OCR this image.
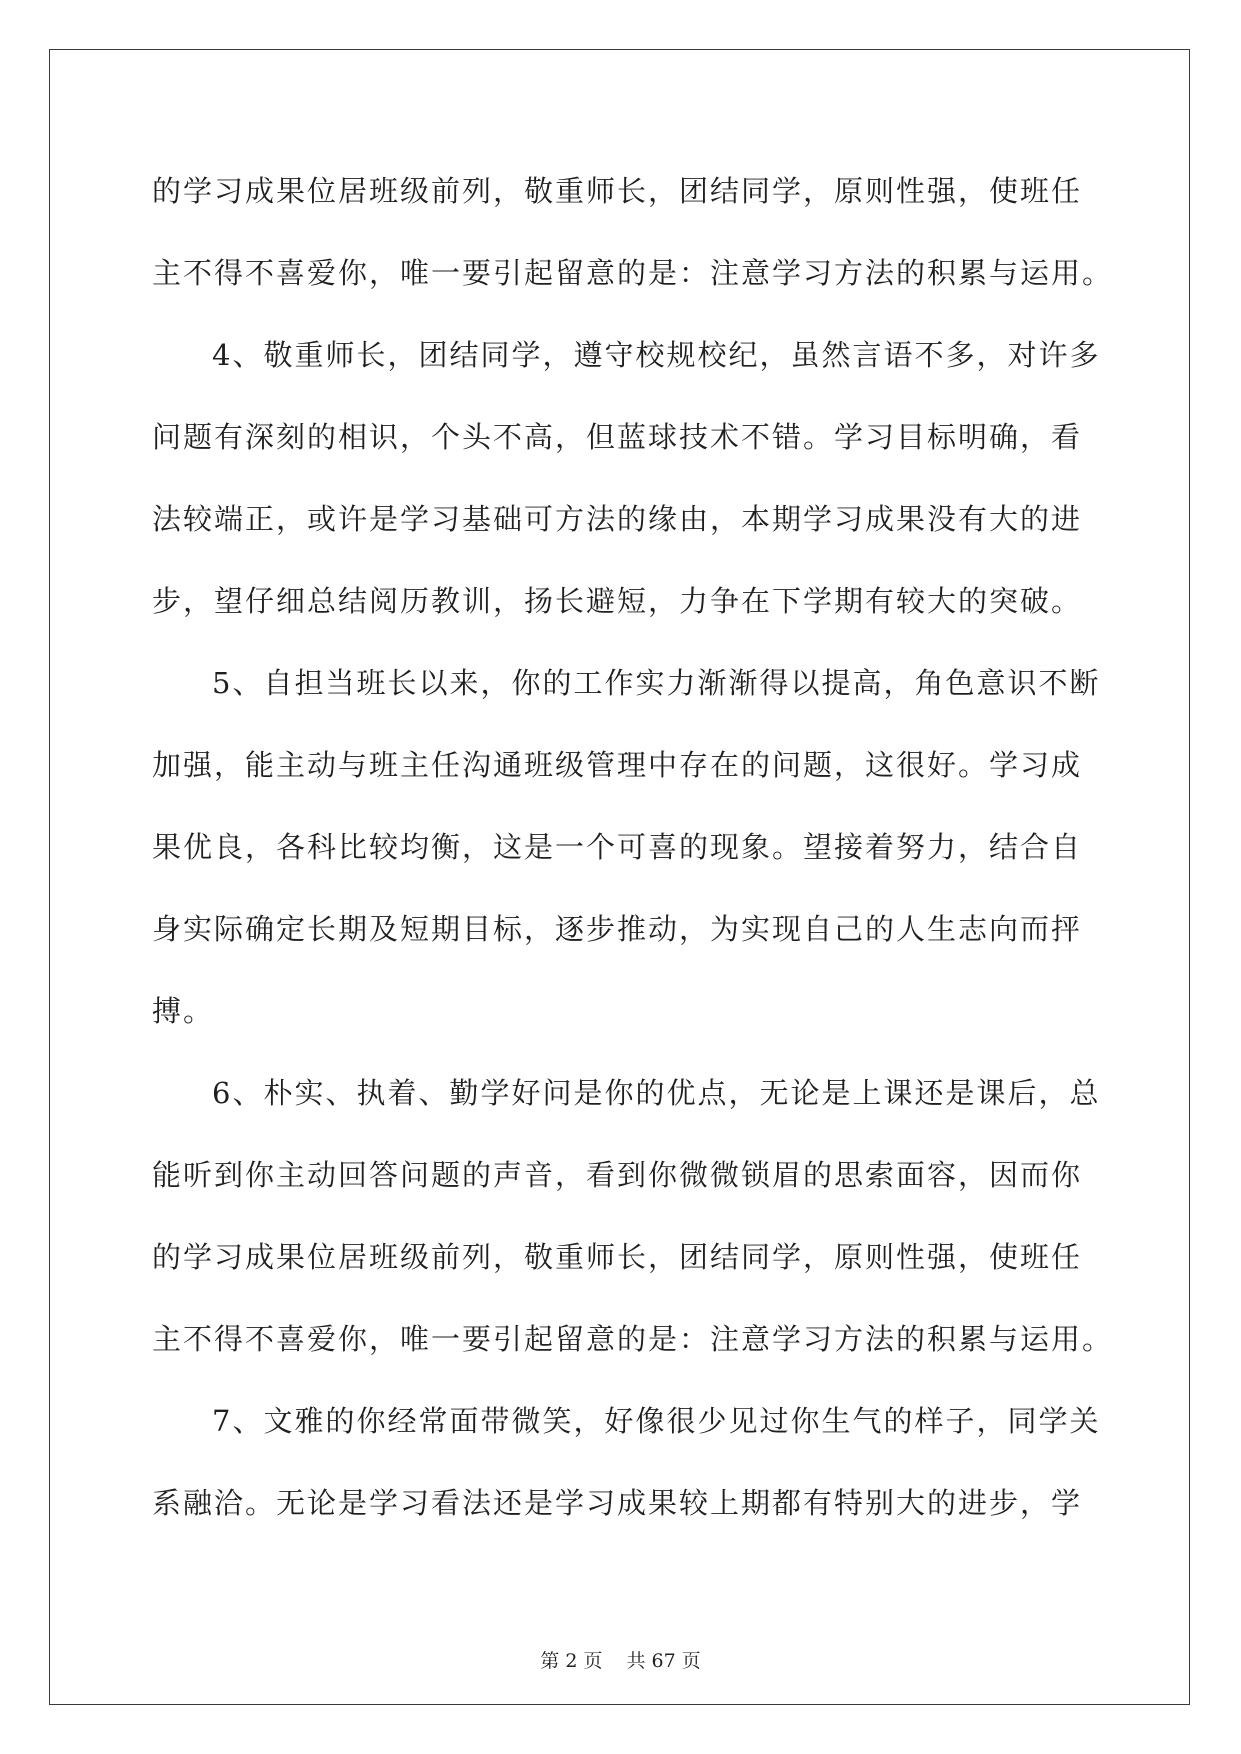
的学习成果位居班级前列，敬重师长，团结同学，原则性强，使班任
主不得不喜爱你，唯一要引起留意的是：注意学习方法的积累与运用。
4、敬重师长，团结同学，遵守校规校纪，虽然言语不多，对许多
问题有深刻的相识，个头不高，但蓝球技术不错。学习目标明确，看
法较端正，或许是学习基础可方法的缘由，本期学习成果没有大的进
步，望仔细总结阅历教训，扬长避短，力争在下学期有较大的突破。
5、自担当班长以来，你的工作实力渐渐得以提高，角色意识不断
加强，能主动与班主任沟通班级管理中存在的问题，这很好。学习成
果优良，各科比较均衡，这是一个可喜的现象。望接着努力，结合自
身实际确定长期及短期目标，逐步推动，为实现自己的人生志向而抨
搏。
6、朴实、执着、勤学好问是你的优点，无论是上课还是课后，总
能听到你主动回答问题的声音，看到你微微锁眉的思索面容，因而你
的学习成果位居班级前列，敬重师长，团结同学，原则性强，使班任
主不得不喜爱你，唯一要引起留意的是：注意学习方法的积累与运用。
7、文雅的你经常面带微笑，好像很少见过你生气的样子，同学关
系融洽。无论是学习看法还是学习成果较上期都有特别大的进步，学
第 2 页 共 67 页
